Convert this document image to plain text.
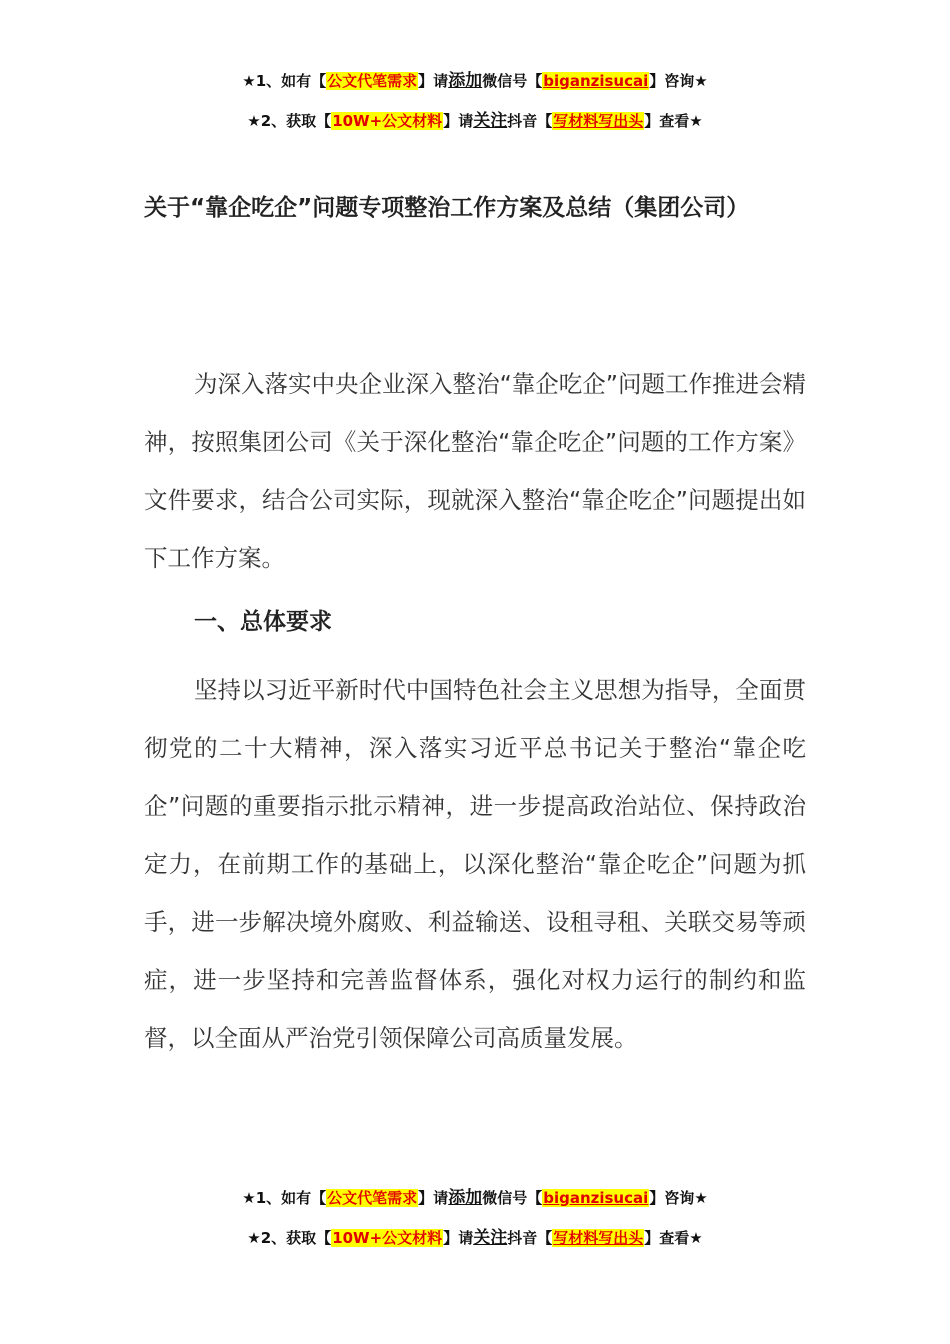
★1、如有【公文代笔需求】请添加微信号【biganzisucai】咨询★
★2、获取【10W+公文材料】请关注抖音【写材料写出头】查看★
关于“靠企吃企”问题专项整治工作方案及总结（集团公司）

为深入落实中央企业深入整治“靠企吃企”问题工作推进会精神，按照集团公司《关于深化整治“靠企吃企”问题的工作方案》文件要求，结合公司实际，现就深入整治“靠企吃企”问题提出如下工作方案。

一、总体要求

坚持以习近平新时代中国特色社会主义思想为指导，全面贯彻党的二十大精神，深入落实习近平总书记关于整治“靠企吃企”问题的重要指示批示精神，进一步提高政治站位、保持政治定力，在前期工作的基础上，以深化整治“靠企吃企”问题为抓手，进一步解决境外腐败、利益输送、设租寻租、关联交易等顽症，进一步坚持和完善监督体系，强化对权力运行的制约和监督，以全面从严治党引领保障公司高质量发展。

★1、如有【公文代笔需求】请添加微信号【biganzisucai】咨询★
★2、获取【10W+公文材料】请关注抖音【写材料写出头】查看★
